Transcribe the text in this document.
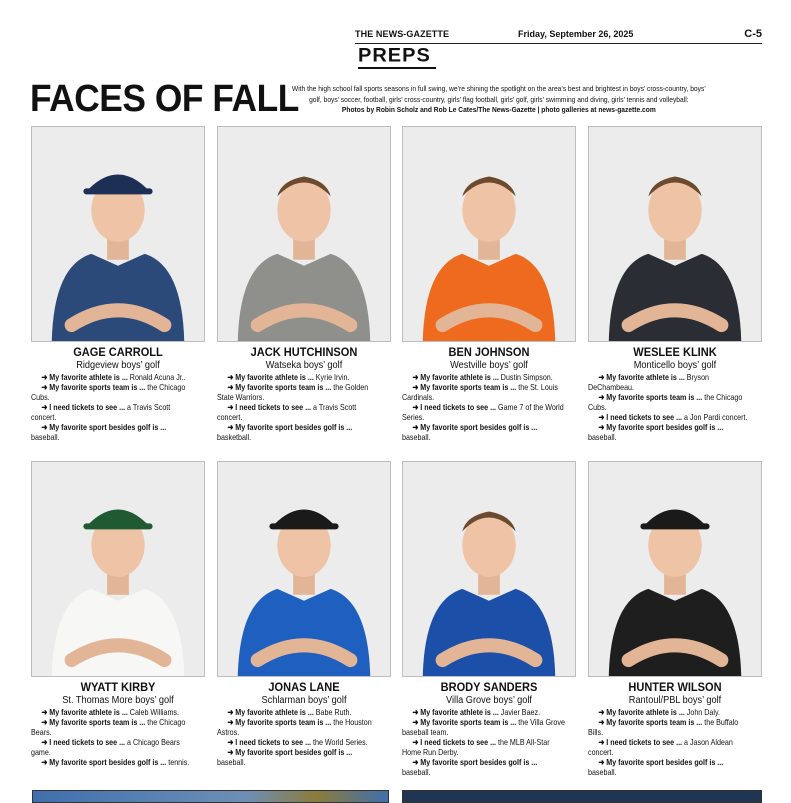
THE NEWS-GAZETTE	Friday, September 26, 2025	C-5
PREPS
FACES OF FALL
With the high school fall sports seasons in full swing, we’re shining the spotlight on the area’s best and brightest in boys’ cross-country, boys’ golf, boys’ soccer, football, girls’ cross-country, girls’ flag football, girls’ golf, girls’ swimming and diving, girls’ tennis and volleyball:
Photos by Robin Scholz and Rob Le Cates/The News-Gazette | photo galleries at news-gazette.com
GAGE CARROLL
Ridgeview boys’ golf

➜ My favorite athlete is ... Ronald Acuna Jr..

➜ My favorite sports team is ... the Chicago Cubs.

➜ I need tickets to see ... a Travis Scott concert.

➜ My favorite sport besides golf is ... baseball.

JACK HUTCHINSON
Watseka boys’ golf

➜ My favorite athlete is ... Kyrie Irvin.

➜ My favorite sports team is ... the Golden State Warriors.

➜ I need tickets to see ... a Travis Scott concert.

➜ My favorite sport besides golf is ... basketball.

BEN JOHNSON
Westville boys’ golf

➜ My favorite athlete is ... Dustin Simpson.

➜ My favorite sports team is ... the St. Louis Cardinals.

➜ I need tickets to see ... Game 7 of the World Series.

➜ My favorite sport besides golf is ... baseball.

WESLEE KLINK
Monticello boys’ golf

➜ My favorite athlete is ... Bryson DeChambeau.

➜ My favorite sports team is ... the Chicago Cubs.

➜ I need tickets to see ... a Jon Pardi concert.

➜ My favorite sport besides golf is ... baseball.

WYATT KIRBY
St. Thomas More boys’ golf

➜ My favorite athlete is ... Caleb Williams.

➜ My favorite sports team is ... the Chicago Bears.

➜ I need tickets to see ... a Chicago Bears game.

➜ My favorite sport besides golf is ... tennis.

JONAS LANE
Schlarman boys’ golf

➜ My favorite athlete is ... Babe Ruth.

➜ My favorite sports team is ... the Houston Astros.

➜ I need tickets to see ... the World Series.

➜ My favorite sport besides golf is ... baseball.

BRODY SANDERS
Villa Grove boys’ golf

➜ My favorite athlete is ... Javier Baez.

➜ My favorite sports team is ... the Villa Grove baseball team.

➜ I need tickets to see ... the MLB All-Star Home Run Derby.

➜ My favorite sport besides golf is ... baseball.

HUNTER WILSON
Rantoul/PBL boys’ golf

➜ My favorite athlete is ... John Daly.

➜ My favorite sports team is ... the Buffalo Bills.

➜ I need tickets to see ... a Jason Aldean concert.

➜ My favorite sport besides golf is ... baseball.
